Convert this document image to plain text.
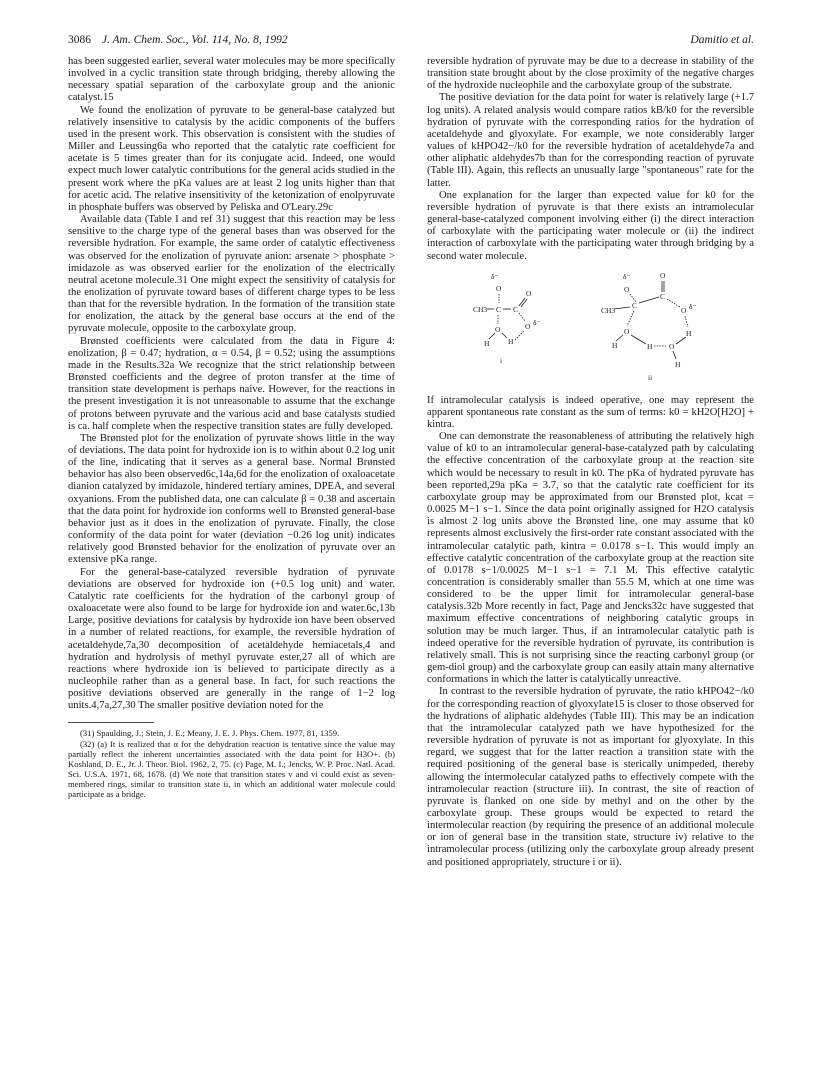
3086 J. Am. Chem. Soc., Vol. 114, No. 8, 1992	Damitio et al.

has been suggested earlier, several water molecules may be more specifically involved in a cyclic transition state through bridging, thereby allowing the necessary spatial separation of the carboxylate group and the anionic catalyst.15

We found the enolization of pyruvate to be general-base catalyzed but relatively insensitive to catalysis by the acidic components of the buffers used in the present work. This observation is consistent with the studies of Miller and Leussing6a who reported that the catalytic rate coefficient for acetate is 5 times greater than for its conjugate acid. Indeed, one would expect much lower catalytic contributions for the general acids studied in the present work where the pKa values are at least 2 log units higher than that for acetic acid. The relative insensitivity of the ketonization of enolpyruvate in phosphate buffers was observed by Peliska and O'Leary.29c

Available data (Table I and ref 31) suggest that this reaction may be less sensitive to the charge type of the general bases than was observed for the reversible hydration. For example, the same order of catalytic effectiveness was observed for the enolization of pyruvate anion: arsenate > phosphate > imidazole as was observed earlier for the enolization of the electrically neutral acetone molecule.31 One might expect the sensitivity of catalysis for the enolization of pyruvate toward bases of different charge types to be less than that for the reversible hydration. In the formation of the transition state for enolization, the attack by the general base occurs at the end of the pyruvate molecule, opposite to the carboxylate group.

Brønsted coefficients were calculated from the data in Figure 4: enolization, β = 0.47; hydration, α = 0.54, β = 0.52; using the assumptions made in the Results.32a We recognize that the strict relationship between Brønsted coefficients and the degree of proton transfer at the time of transition state development is perhaps naive. However, for the reactions in the present investigation it is not unreasonable to assume that the exchange of protons between pyruvate and the various acid and base catalysts studied is ca. half complete when the respective transition states are fully developed.

The Brønsted plot for the enolization of pyruvate shows little in the way of deviations. The data point for hydroxide ion is to within about 0.2 log unit of the line, indicating that it serves as a general base. Normal Brønsted behavior has also been observed6c,14a,6d for the enolization of oxaloacetate dianion catalyzed by imidazole, hindered tertiary amines, DPEA, and several oxyanions. From the published data, one can calculate β = 0.38 and ascertain that the data point for hydroxide ion conforms well to Brønsted general-base behavior just as it does in the enolization of pyruvate. Finally, the close conformity of the data point for water (deviation −0.26 log unit) indicates relatively good Brønsted behavior for the enolization of pyruvate over an extensive pKa range.

For the general-base-catalyzed reversible hydration of pyruvate deviations are observed for hydroxide ion (+0.5 log unit) and water. Catalytic rate coefficients for the hydration of the carbonyl group of oxaloacetate were also found to be large for hydroxide ion and water.6c,13b Large, positive deviations for catalysis by hydroxide ion have been observed in a number of related reactions, for example, the reversible hydration of acetaldehyde,7a,30 decomposition of acetaldehyde hemiacetals,4 and hydration and hydrolysis of methyl pyruvate ester,27 all of which are reactions where hydroxide ion is believed to participate directly as a nucleophile rather than as a general base. In fact, for such reactions the positive deviations observed are generally in the range of 1−2 log units.4,7a,27,30 The smaller positive deviation noted for the

(31) Spaulding, J.; Stein, J. E.; Meany, J. E. J. Phys. Chem. 1977, 81, 1359.

(32) (a) It is realized that α for the dehydration reaction is tentative since the value may partially reflect the inherent uncertainties associated with the data point for H3O+. (b) Koshland, D. E., Jr. J. Theor. Biol. 1962, 2, 75. (c) Page, M. I.; Jencks, W. P. Proc. Natl. Acad. Sci. U.S.A. 1971, 68, 1678. (d) We note that transition states v and vi could exist as seven-membered rings, similar to transition state ii, in which an additional water molecule could participate as a bridge.

reversible hydration of pyruvate may be due to a decrease in stability of the transition state brought about by the close proximity of the negative charges of the hydroxide nucleophile and the carboxylate group of the substrate.

The positive deviation for the data point for water is relatively large (+1.7 log units). A related analysis would compare ratios kB/k0 for the reversible hydration of pyruvate with the corresponding ratios for the hydration of acetaldehyde and glyoxylate. For example, we note considerably larger values of kHPO42−/k0 for the reversible hydration of acetaldehyde7a and other aliphatic aldehydes7b than for the corresponding reaction of pyruvate (Table III). Again, this reflects an unusually large "spontaneous" rate for the latter.

One explanation for the larger than expected value for k0 for the reversible hydration of pyruvate is that there exists an intramolecular general-base-catalyzed component involving either (i) the direct interaction of carboxylate with the participating water molecule or (ii) the indirect interaction of carboxylate with the participating water through bridging by a second water molecule.

δ⁻
O
CH3 C C
O
O δ⁻
O
H H
i
δ⁻
O
CH3
C
C
O
O δ⁻
H
O
H	H O
H
ii

If intramolecular catalysis is indeed operative, one may represent the apparent spontaneous rate constant as the sum of terms: k0 = kH2O[H2O] + kintra.

One can demonstrate the reasonableness of attributing the relatively high value of k0 to an intramolecular general-base-catalyzed path by calculating the effective concentration of the carboxylate group at the reaction site which would be necessary to result in k0. The pKa of hydrated pyruvate has been reported,29a pKa = 3.7, so that the catalytic rate coefficient for its carboxylate group may be approximated from our Brønsted plot, kcat = 0.0025 M−1 s−1. Since the data point originally assigned for H2O catalysis is almost 2 log units above the Brønsted line, one may assume that k0 represents almost exclusively the first-order rate constant associated with the intramolecular catalytic path, kintra = 0.0178 s−1. This would imply an effective catalytic concentration of the carboxylate group at the reaction site of 0.0178 s−1/0.0025 M−1 s−1 = 7.1 M. This effective catalytic concentration is considerably smaller than 55.5 M, which at one time was considered to be the upper limit for intramolecular general-base catalysis.32b More recently in fact, Page and Jencks32c have suggested that maximum effective concentrations of neighboring catalytic groups in solution may be much larger. Thus, if an intramolecular catalytic path is indeed operative for the reversible hydration of pyruvate, its contribution is relatively small. This is not surprising since the reacting carbonyl group (or gem-diol group) and the carboxylate group can easily attain many alternative conformations in which the latter is catalytically unreactive.

In contrast to the reversible hydration of pyruvate, the ratio kHPO42−/k0 for the corresponding reaction of glyoxylate15 is closer to those observed for the hydrations of aliphatic aldehydes (Table III). This may be an indication that the intramolecular catalyzed path we have hypothesized for the reversible hydration of pyruvate is not as important for glyoxylate. In this regard, we suggest that for the latter reaction a transition state with the required positioning of the general base is sterically unimpeded, thereby allowing the intermolecular catalyzed paths to effectively compete with the intramolecular reaction (structure iii). In contrast, the site of reaction of pyruvate is flanked on one side by methyl and on the other by the carboxylate group. These groups would be expected to retard the intermolecular reaction (by requiring the presence of an additional molecule or ion of general base in the transition state, structure iv) relative to the intramolecular process (utilizing only the carboxylate group already present and positioned appropriately, structure i or ii).
